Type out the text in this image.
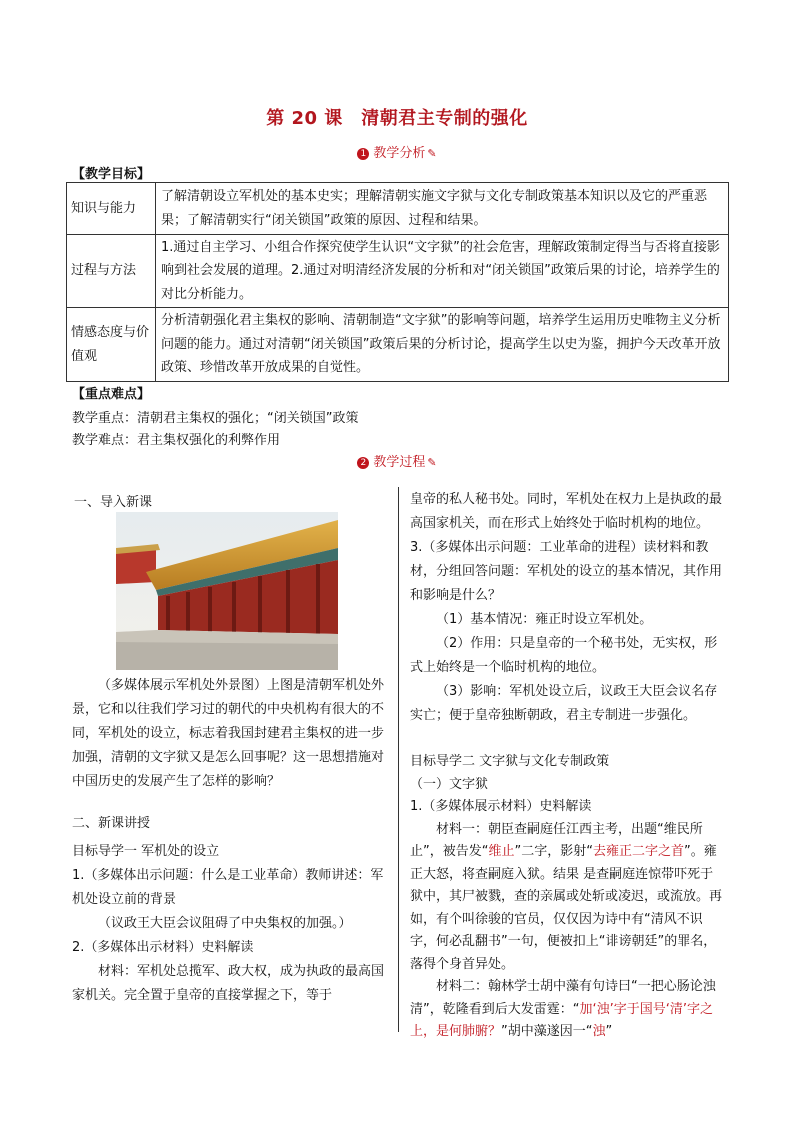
第 20 课　清朝君主专制的强化
1 教学分析 ✎
【教学目标】
知识与能力	了解清朝设立军机处的基本史实；理解清朝实施文字狱与文化专制政策基本知识以及它的严重恶果；了解清朝实行“闭关锁国”政策的原因、过程和结果。
过程与方法	1.通过自主学习、小组合作探究使学生认识“文字狱”的社会危害，理解政策制定得当与否将直接影响到社会发展的道理。2.通过对明清经济发展的分析和对“闭关锁国”政策后果的讨论，培养学生的对比分析能力。
情感态度与价值观	分析清朝强化君主集权的影响、清朝制造“文字狱”的影响等问题，培养学生运用历史唯物主义分析问题的能力。通过对清朝“闭关锁国”政策后果的分析讨论，提高学生以史为鉴，拥护今天改革开放政策、珍惜改革开放成果的自觉性。
【重点难点】
教学重点：清朝君主集权的强化；“闭关锁国”政策
教学难点：君主集权强化的利弊作用
2 教学过程 ✎
一、导入新课

（多媒体展示军机处外景图）上图是清朝军机处外景，它和以往我们学习过的朝代的中央机构有很大的不同，军机处的设立，标志着我国封建君主集权的进一步加强，清朝的文字狱又是怎么回事呢？这一思想措施对中国历史的发展产生了怎样的影响？

二、新课讲授

目标导学一 军机处的设立

1.（多媒体出示问题：什么是工业革命）教师讲述：军机处设立前的背景

（议政王大臣会议阻碍了中央集权的加强。）

2.（多媒体出示材料）史料解读

材料：军机处总揽军、政大权，成为执政的最高国家机关。完全置于皇帝的直接掌握之下，等于

皇帝的私人秘书处。同时，军机处在权力上是执政的最高国家机关，而在形式上始终处于临时机构的地位。

3.（多媒体出示问题：工业革命的进程）读材料和教材，分组回答问题：军机处的设立的基本情况，其作用和影响是什么？

（1）基本情况：雍正时设立军机处。

（2）作用：只是皇帝的一个秘书处，无实权，形式上始终是一个临时机构的地位。

（3）影响：军机处设立后，议政王大臣会议名存实亡；便于皇帝独断朝政，君主专制进一步强化。

目标导学二 文字狱与文化专制政策

（一）文字狱

1.（多媒体展示材料）史料解读

材料一：朝臣查嗣庭任江西主考，出题“维民所止”，被告发“维止”二字，影射“去雍正二字之首”。雍正大怒，将查嗣庭入狱。结果 是查嗣庭连惊带吓死于狱中，其尸被戮，查的亲属或处斩或凌迟，或流放。再如，有个叫徐骏的官员，仅仅因为诗中有“清风不识字，何必乱翻书”一句，便被扣上“诽谤朝廷”的罪名，落得个身首异处。

材料二：翰林学士胡中藻有句诗曰“一把心肠论浊清”，乾隆看到后大发雷霆：“加‘浊’字于国号‘清’字之上，是何肺腑？”胡中藻遂因一“浊”
